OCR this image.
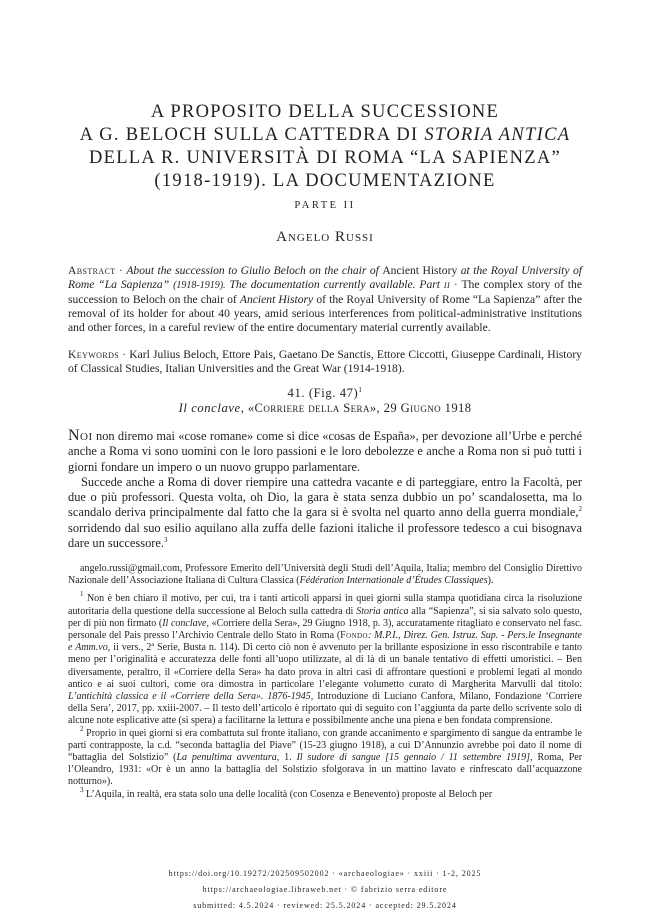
A PROPOSITO DELLA SUCCESSIONE
A G. BELOCH SULLA CATTEDRA DI STORIA ANTICA
DELLA R. UNIVERSITÀ DI ROMA “LA SAPIENZA”
(1918-1919). LA DOCUMENTAZIONE
PARTE II
Angelo Russi
Abstract · About the succession to Giulio Beloch on the chair of Ancient History at the Royal University of Rome “La Sapienza” (1918-1919). The documentation currently available. Part ii · The complex story of the succession to Beloch on the chair of Ancient History of the Royal University of Rome “La Sapienza” after the removal of its holder for about 40 years, amid serious interferences from political-administrative institutions and other forces, in a careful review of the entire documentary material currently available.
Keywords · Karl Julius Beloch, Ettore Pais, Gaetano De Sanctis, Ettore Ciccotti, Giuseppe Cardinali, History of Classical Studies, Italian Universities and the Great War (1914-1918).
41. (Fig. 47)$^1$
Il conclave, «Corriere della Sera», 29 Giugno 1918

Noi non diremo mai «cose romane» come si dice «cosas de España», per devozione all’Urbe e perché anche a Roma vi sono uomini con le loro passioni e le loro debolezze e anche a Roma non si può tutti i giorni fondare un impero o un nuovo gruppo parlamentare.

Succede anche a Roma di dover riempire una cattedra vacante e di parteggiare, entro la Facoltà, per due o più professori. Questa volta, oh Dio, la gara è stata senza dubbio un po’ scandalosetta, ma lo scandalo deriva principalmente dal fatto che la gara si è svolta nel quarto anno della guerra mondiale,$^2$ sorridendo dal suo esilio aquilano alla zuffa delle fazioni italiche il professore tedesco a cui bisognava dare un successore.$^3$

angelo.russi@gmail.com, Professore Emerito dell’Università degli Studi dell’Aquila, Italia; membro del Consiglio Direttivo Nazionale dell’Associazione Italiana di Cultura Classica (Fédération Internationale d’Études Classiques).

$^1$ Non è ben chiaro il motivo, per cui, tra i tanti articoli apparsi in quei giorni sulla stampa quotidiana circa la risoluzione autoritaria della questione della successione al Beloch sulla cattedra di Storia antica alla “Sapienza”, si sia salvato solo questo, per di più non firmato (Il conclave, «Corriere della Sera», 29 Giugno 1918, p. 3), accuratamente ritagliato e conservato nel fasc. personale del Pais presso l’Archivio Centrale dello Stato in Roma (Fondo: M.P.I., Direz. Gen. Istruz. Sup. - Pers.le Insegnante e Amm.vo, ii vers., 2ª Serie, Busta n. 114). Di certo ciò non è avvenuto per la brillante esposizione in esso riscontrabile e tanto meno per l’originalità e accuratezza delle fonti all’uopo utilizzate, al di là di un banale tentativo di effetti umoristici. – Ben diversamente, peraltro, il «Corriere della Sera» ha dato prova in altri casi di affrontare questioni e problemi legati al mondo antico e ai suoi cultori, come ora dimostra in particolare l’elegante volumetto curato di Margherita Marvulli dal titolo: L’antichità classica e il «Corriere della Sera». 1876-1945, Introduzione di Luciano Canfora, Milano, Fondazione ‘Corriere della Sera’, 2017, pp. xxiii-2007. – Il testo dell’articolo è riportato qui di seguito con l’aggiunta da parte dello scrivente solo di alcune note esplicative atte (si spera) a facilitarne la lettura e possibilmente anche una piena e ben fondata comprensione.

$^2$ Proprio in quei giorni si era combattuta sul fronte italiano, con grande accanimento e spargimento di sangue da entrambe le parti contrapposte, la c.d. “seconda battaglia del Piave” (15-23 giugno 1918), a cui D’Annunzio avrebbe poi dato il nome di “battaglia del Solstizio” (La penultima avventura, 1. Il sudore di sangue [15 gennaio / 11 settembre 1919], Roma, Per l’Oleandro, 1931: «Or è un anno la battaglia del Solstizio sfolgorava in un mattino lavato e rinfrescato dall’acquazzone notturno»).

$^3$ L’Aquila, in realtà, era stata solo una delle località (con Cosenza e Benevento) proposte al Beloch per

https://doi.org/10.19272/202509502002 · «archaeologiae» · xxiii · 1-2, 2025
https://archaeologiae.libraweb.net · © fabrizio serra editore
submitted: 4.5.2024 · reviewed: 25.5.2024 · accepted: 29.5.2024
